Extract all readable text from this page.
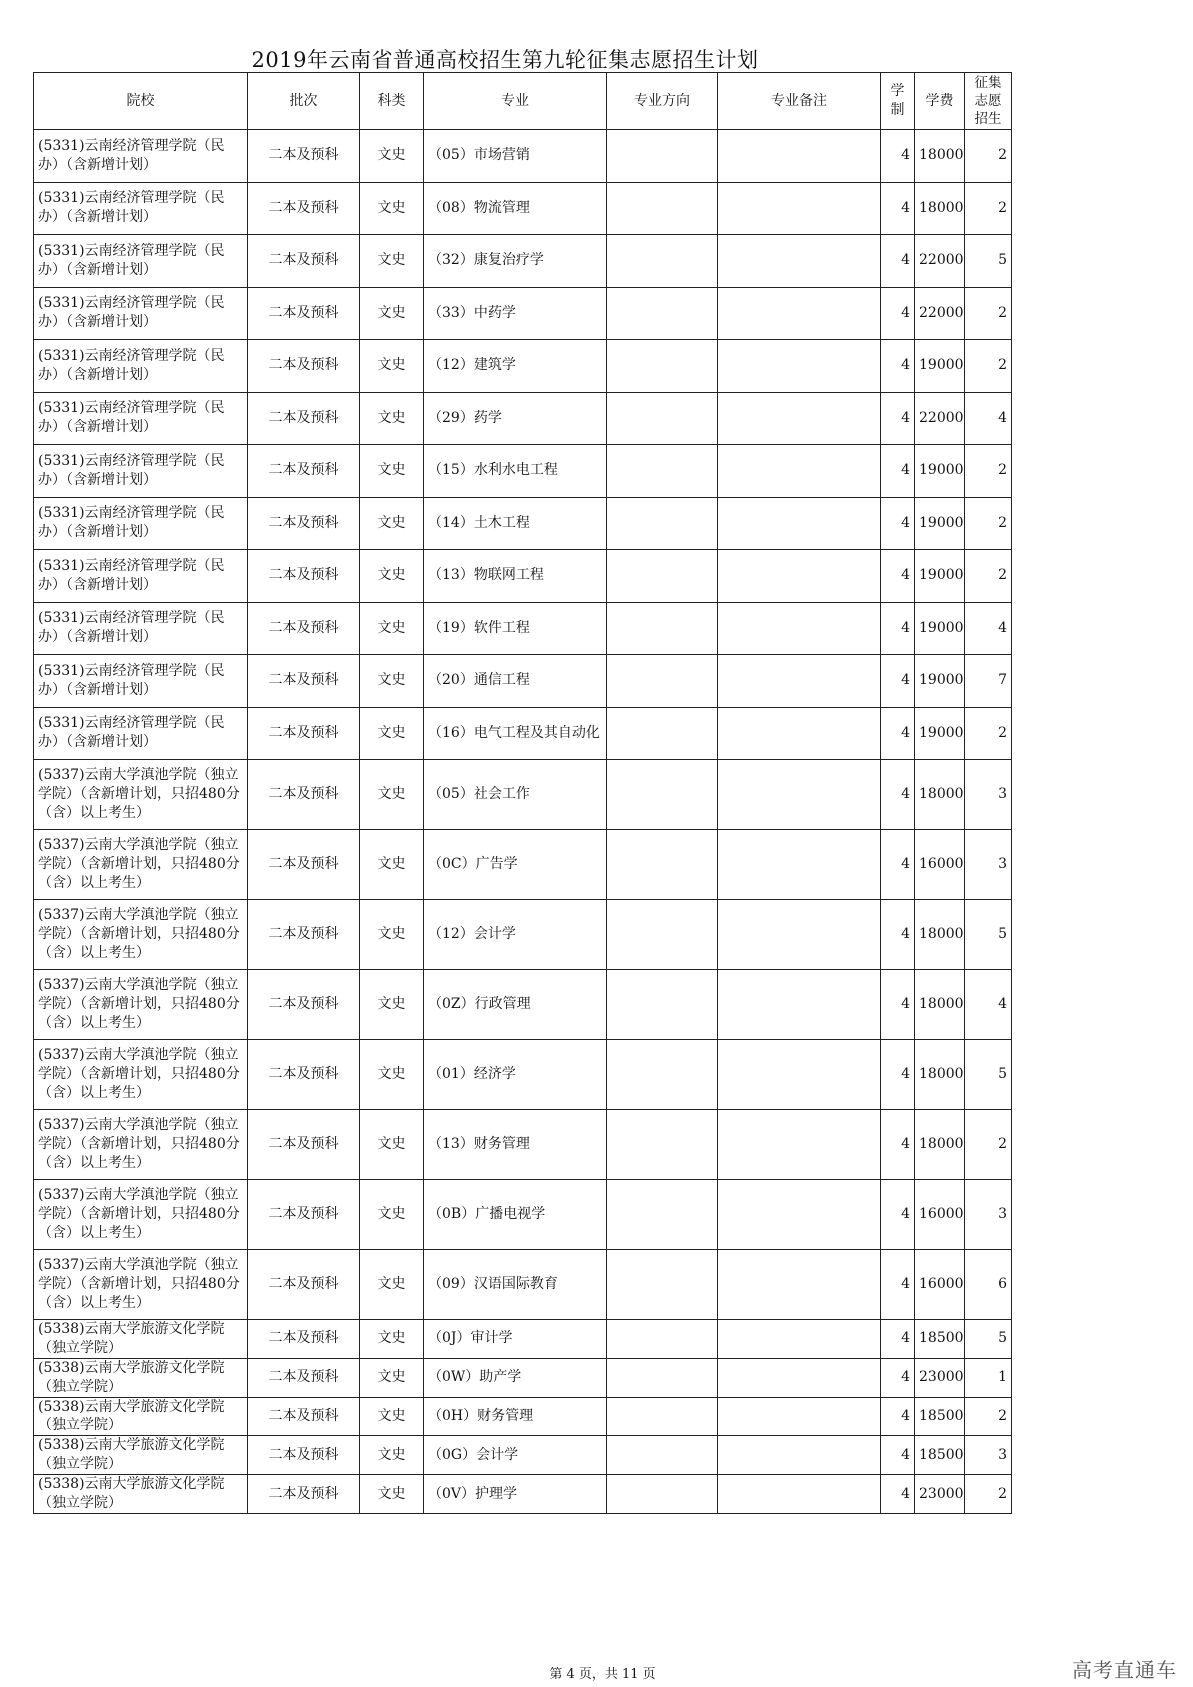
2019年云南省普通高校招生第九轮征集志愿招生计划
院校	批次	科类	专业	专业方向	专业备注	学制	学费	征集志愿招生
(5331)云南经济管理学院（民办）（含新增计划）	二本及预科	文史	（05）市场营销			4	18000	2
(5331)云南经济管理学院（民办）（含新增计划）	二本及预科	文史	（08）物流管理			4	18000	2
(5331)云南经济管理学院（民办）（含新增计划）	二本及预科	文史	（32）康复治疗学			4	22000	5
(5331)云南经济管理学院（民办）（含新增计划）	二本及预科	文史	（33）中药学			4	22000	2
(5331)云南经济管理学院（民办）（含新增计划）	二本及预科	文史	（12）建筑学			4	19000	2
(5331)云南经济管理学院（民办）（含新增计划）	二本及预科	文史	（29）药学			4	22000	4
(5331)云南经济管理学院（民办）（含新增计划）	二本及预科	文史	（15）水利水电工程			4	19000	2
(5331)云南经济管理学院（民办）（含新增计划）	二本及预科	文史	（14）土木工程			4	19000	2
(5331)云南经济管理学院（民办）（含新增计划）	二本及预科	文史	（13）物联网工程			4	19000	2
(5331)云南经济管理学院（民办）（含新增计划）	二本及预科	文史	（19）软件工程			4	19000	4
(5331)云南经济管理学院（民办）（含新增计划）	二本及预科	文史	（20）通信工程			4	19000	7
(5331)云南经济管理学院（民办）（含新增计划）	二本及预科	文史	（16）电气工程及其自动化			4	19000	2
(5337)云南大学滇池学院（独立学院）（含新增计划，只招480分（含）以上考生）	二本及预科	文史	（05）社会工作			4	18000	3
(5337)云南大学滇池学院（独立学院）（含新增计划，只招480分（含）以上考生）	二本及预科	文史	（0C）广告学			4	16000	3
(5337)云南大学滇池学院（独立学院）（含新增计划，只招480分（含）以上考生）	二本及预科	文史	（12）会计学			4	18000	5
(5337)云南大学滇池学院（独立学院）（含新增计划，只招480分（含）以上考生）	二本及预科	文史	（0Z）行政管理			4	18000	4
(5337)云南大学滇池学院（独立学院）（含新增计划，只招480分（含）以上考生）	二本及预科	文史	（01）经济学			4	18000	5
(5337)云南大学滇池学院（独立学院）（含新增计划，只招480分（含）以上考生）	二本及预科	文史	（13）财务管理			4	18000	2
(5337)云南大学滇池学院（独立学院）（含新增计划，只招480分（含）以上考生）	二本及预科	文史	（0B）广播电视学			4	16000	3
(5337)云南大学滇池学院（独立学院）（含新增计划，只招480分（含）以上考生）	二本及预科	文史	（09）汉语国际教育			4	16000	6
(5338)云南大学旅游文化学院（独立学院）	二本及预科	文史	（0J）审计学			4	18500	5
(5338)云南大学旅游文化学院（独立学院）	二本及预科	文史	（0W）助产学			4	23000	1
(5338)云南大学旅游文化学院（独立学院）	二本及预科	文史	（0H）财务管理			4	18500	2
(5338)云南大学旅游文化学院（独立学院）	二本及预科	文史	（0G）会计学			4	18500	3
(5338)云南大学旅游文化学院（独立学院）	二本及预科	文史	（0V）护理学			4	23000	2
第 4 页，共 11 页	高考直通车
